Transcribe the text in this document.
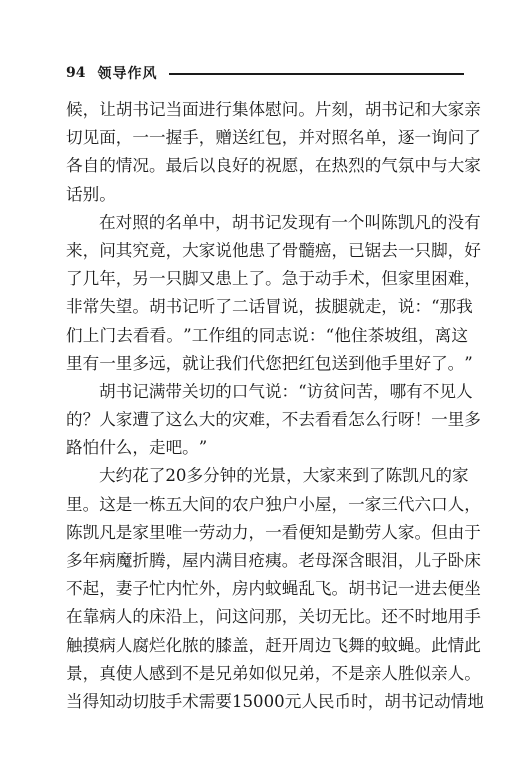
94 领导作风
候 ， 让 胡 书 记 当 面 进 行 集 体 慰 问 。 片 刻 ， 胡 书 记 和 大 家 亲
切 见 面 ， 一 一 握 手 ， 赠 送 红 包 ， 并 对 照 名 单 ， 逐 一 询 问 了
各 自 的 情 况 。 最 后 以 良 好 的 祝 愿 ， 在 热 烈 的 气 氛 中 与 大 家
话 别 。
在 对 照 的 名 单 中 ， 胡 书 记 发 现 有 一 个 叫 陈 凯 凡 的 没 有
来 ， 问 其 究 竟 ， 大 家 说 他 患 了 骨 髓 癌 ， 已 锯 去 一 只 脚 ， 好
了 几 年 ， 另 一 只 脚 又 患 上 了 。 急 于 动 手 术 ， 但 家 里 困 难 ，
非 常 失 望 。 胡 书 记 听 了 二 话 冒 说 ， 拔 腿 就 走 ， 说 ： “ 那 我
们 上 门 去 看 看 。 ” 工 作 组 的 同 志 说 ： “ 他 住 茶 坡 组 ， 离 这
里 有 一 里 多 远 ， 就 让 我 们 代 您 把 红 包 送 到 他 手 里 好 了 。 ”
胡 书 记 满 带 关 切 的 口 气 说 ： “ 访 贫 问 苦 ， 哪 有 不 见 人
的 ？ 人 家 遭 了 这 么 大 的 灾 难 ， 不 去 看 看 怎 么 行 呀 ！ 一 里 多
路 怕 什 么 ， 走 吧 。 ”
大 约 花 了 20 多 分 钟 的 光 景 ， 大 家 来 到 了 陈 凯 凡 的 家
里 。 这 是 一 栋 五 大 间 的 农 户 独 户 小 屋 ， 一 家 三 代 六 口 人 ，
陈 凯 凡 是 家 里 唯 一 劳 动 力 ， 一 看 便 知 是 勤 劳 人 家 。 但 由 于
多 年 病 魔 折 腾 ， 屋 内 满 目 疮 痍 。 老 母 深 含 眼 泪 ， 儿 子 卧 床
不 起 ， 妻 子 忙 内 忙 外 ， 房 内 蚊 蝇 乱 飞 。 胡 书 记 一 进 去 便 坐
在 靠 病 人 的 床 沿 上 ， 问 这 问 那 ， 关 切 无 比 。 还 不 时 地 用 手
触 摸 病 人 腐 烂 化 脓 的 膝 盖 ， 赶 开 周 边 飞 舞 的 蚊 蝇 。 此 情 此
景 ， 真 使 人 感 到 不 是 兄 弟 如 似 兄 弟 ， 不 是 亲 人 胜 似 亲 人 。
当 得 知 动 切 肢 手 术 需 要 15000 元 人 民 币 时 ， 胡 书 记 动 情 地
